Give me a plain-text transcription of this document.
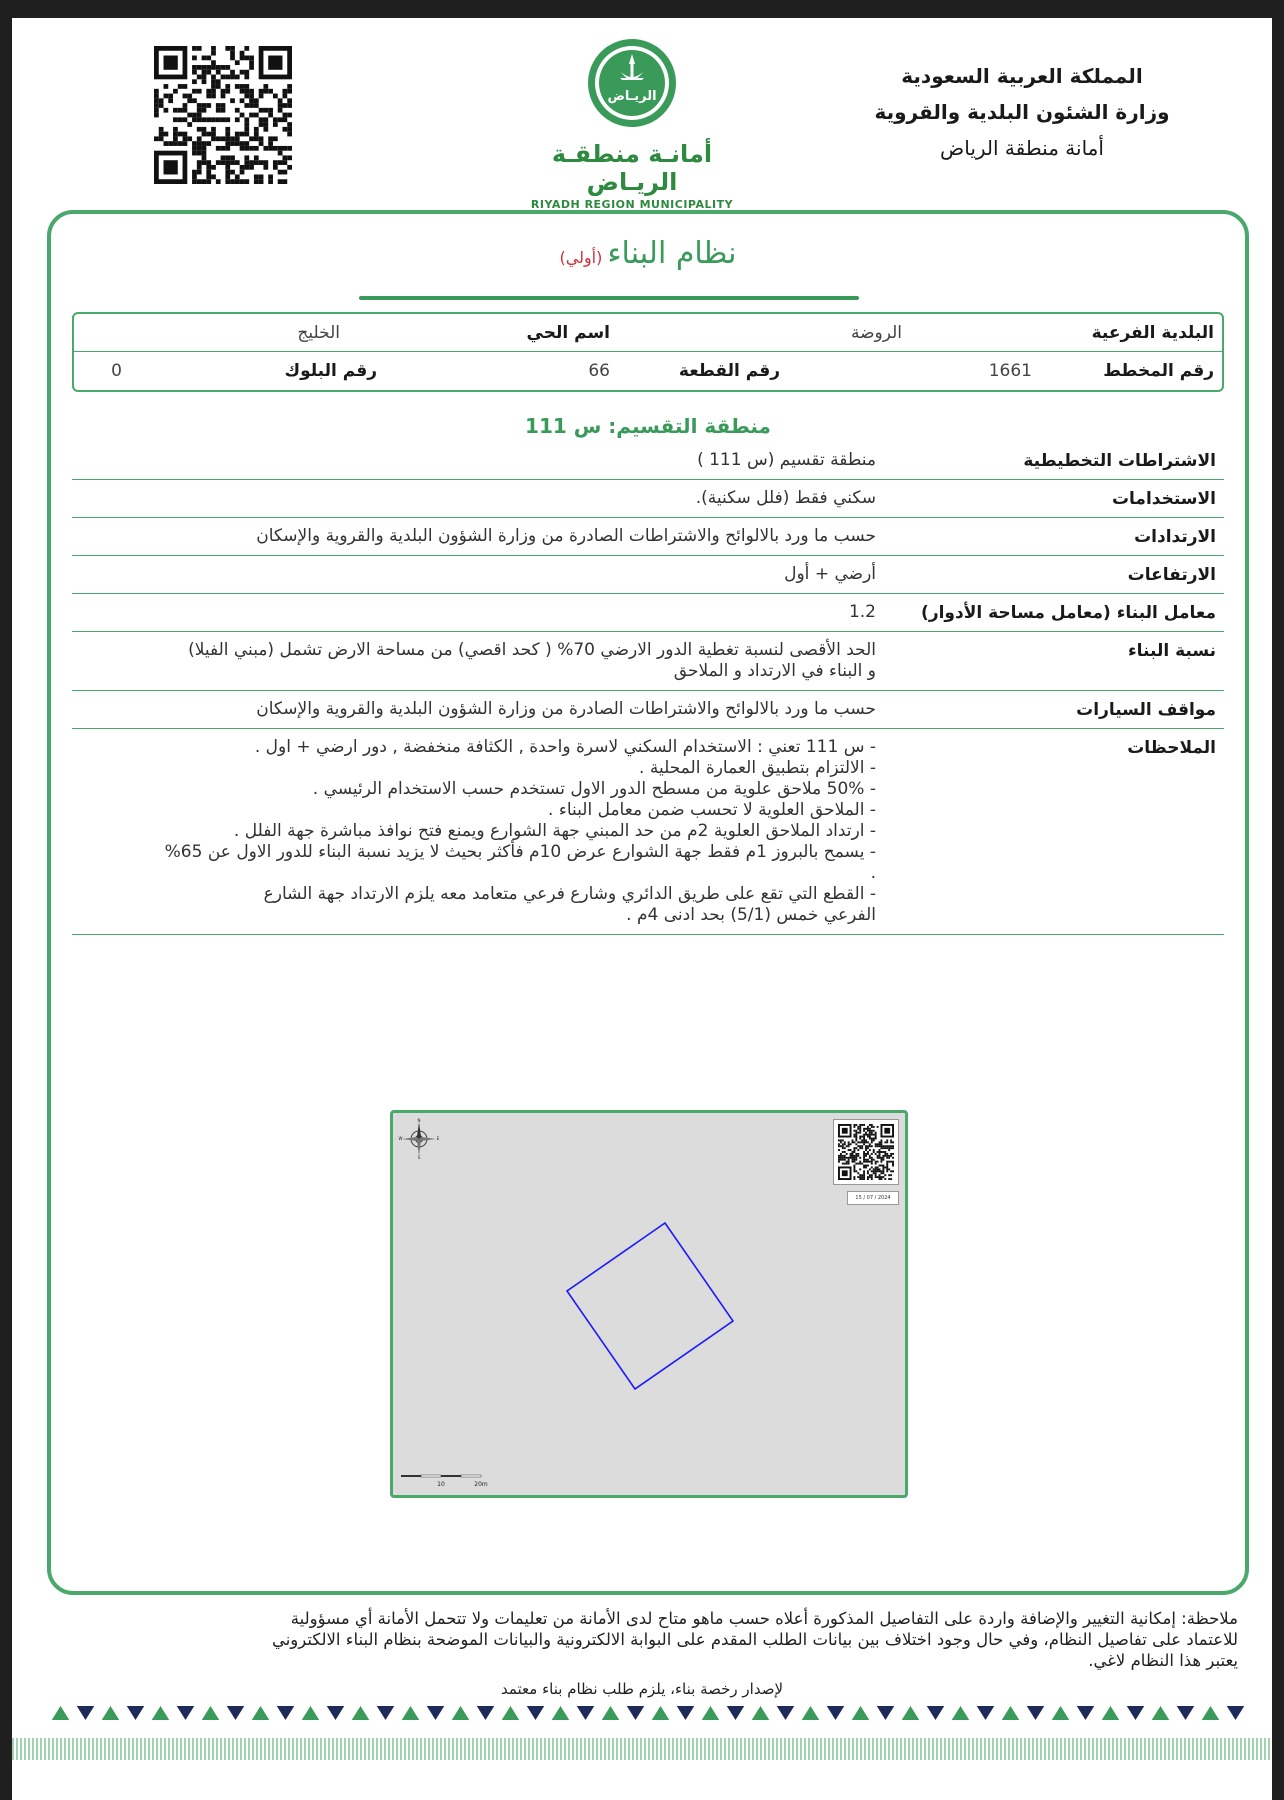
المملكة العربية السعودية
وزارة الشئون البلدية والقروية
أمانة منطقة الرياض
الريـاض
أمانـة منطقـة الريـاض
RIYADH REGION MUNICIPALITY
نظام البناء (أولي)
البلدية الفرعية
الروضة
اسم الحي
الخليج
رقم المخطط
1661
رقم القطعة
66
رقم البلوك
0
منطقة التقسيم: س 111
الاشتراطات التخطيطية
منطقة تقسيم (س 111 )
الاستخدامات
سكني فقط (فلل سكنية).
الارتدادات
حسب ما ورد بالالوائح والاشتراطات الصادرة من وزارة الشؤون البلدية والقروية والإسكان
الارتفاعات
أرضي + أول
معامل البناء (معامل مساحة الأدوار)
1.2
نسبة البناء
الحد الأقصى لنسبة تغطية الدور الارضي 70% ( كحد اقصي) من مساحة الارض تشمل (مبني الفيلا)
و البناء في الارتداد و الملاحق
مواقف السيارات
حسب ما ورد بالالوائح والاشتراطات الصادرة من وزارة الشؤون البلدية والقروية والإسكان
الملاحظات
- س 111 تعني : الاستخدام السكني لاسرة واحدة , الكثافة منخفضة , دور ارضي + اول .
- الالتزام بتطبيق العمارة المحلية .
- 50% ملاحق علوية من مسطح الدور الاول تستخدم حسب الاستخدام الرئيسي .
- الملاحق العلوية لا تحسب ضمن معامل البناء .
- ارتداد الملاحق العلوية 2م من حد المبني جهة الشوارع ويمنع فتح نوافذ مباشرة جهة الفلل .
- يسمح بالبروز 1م فقط جهة الشوارع عرض 10م فأكثر بحيث لا يزيد نسبة البناء للدور الاول عن 65%
.
- القطع التي تقع على طريق الدائري وشارع فرعي متعامد معه يلزم الارتداد جهة الشارع
الفرعي خمس (5/1) بحد ادنى 4م .
N
S
E
W
15 / 07 / 2024
10	20m
ملاحظة: إمكانية التغيير والإضافة واردة على التفاصيل المذكورة أعلاه حسب ماهو متاح لدى الأمانة من تعليمات ولا تتحمل الأمانة أي مسؤولية
للاعتماد على تفاصيل النظام، وفي حال وجود اختلاف بين بيانات الطلب المقدم على البوابة الالكترونية والبيانات الموضحة بنظام البناء الالكتروني
يعتبر هذا النظام لاغي.
لإصدار رخصة بناء، يلزم طلب نظام بناء معتمد
